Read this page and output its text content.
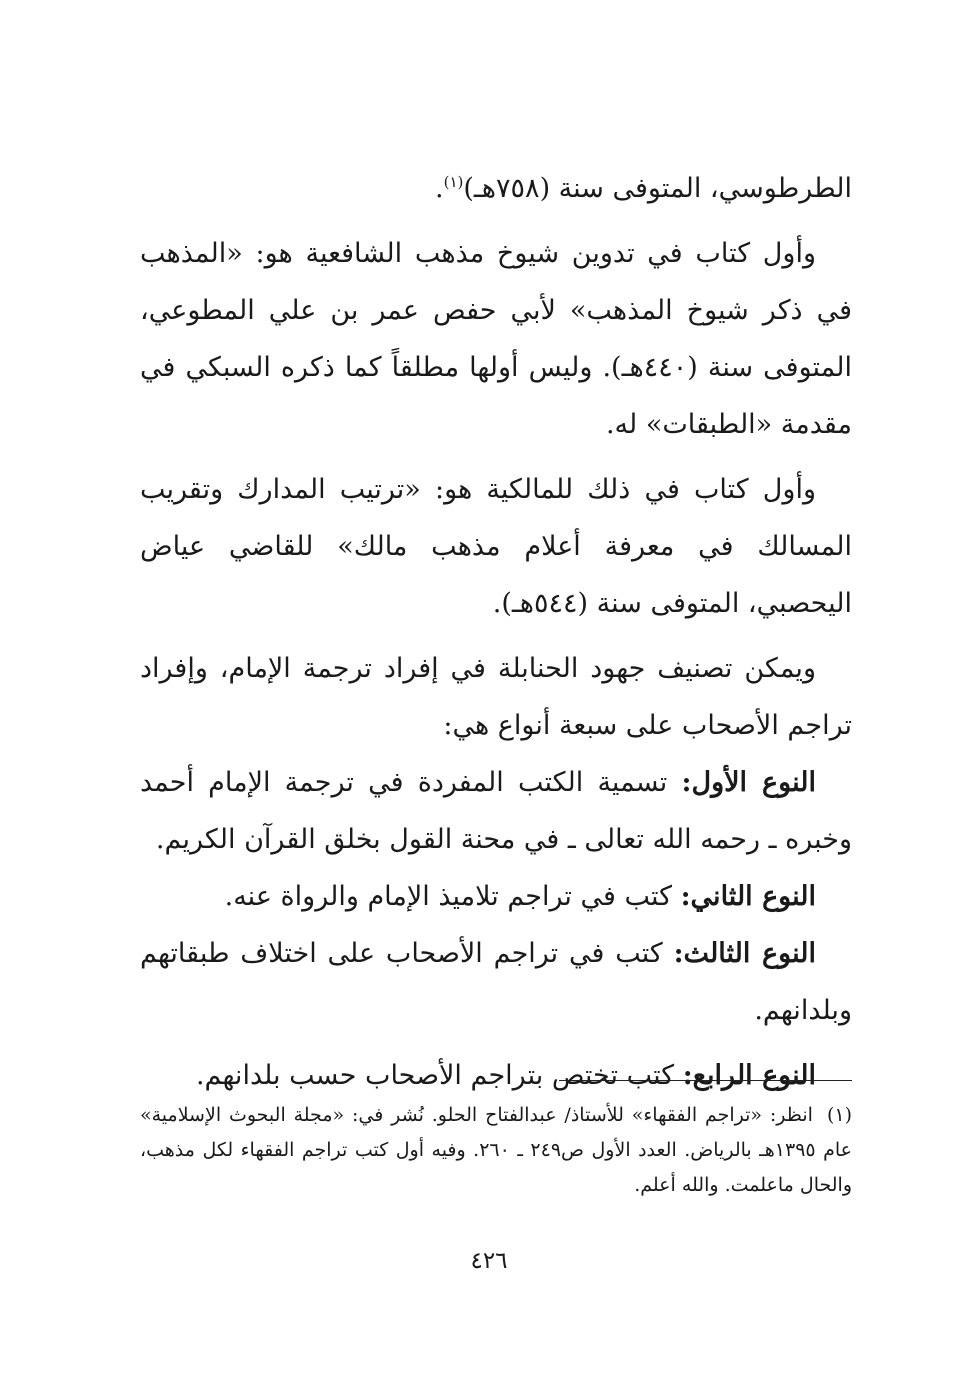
الطرطوسي، المتوفى سنة (٧٥٨هـ)$^{(١)}$.

وأول كتاب في تدوين شيوخ مذهب الشافعية هو: «المذهب في ذكر شيوخ المذهب» لأبي حفص عمر بن علي المطوعي، المتوفى سنة (٤٤٠هـ). وليس أولها مطلقاً كما ذكره السبكي في مقدمة «الطبقات» له.

وأول كتاب في ذلك للمالكية هو: «ترتيب المدارك وتقريب المسالك في معرفة أعلام مذهب مالك» للقاضي عياض اليحصبي، المتوفى سنة (٥٤٤هـ).

ويمكن تصنيف جهود الحنابلة في إفراد ترجمة الإمام، وإفراد تراجم الأصحاب على سبعة أنواع هي:

النوع الأول: تسمية الكتب المفردة في ترجمة الإمام أحمد وخبره ـ رحمه الله تعالى ـ في محنة القول بخلق القرآن الكريم.

النوع الثاني: كتب في تراجم تلاميذ الإمام والرواة عنه.

النوع الثالث: كتب في تراجم الأصحاب على اختلاف طبقاتهم وبلدانهم.

النوع الرابع: كتب تختص بتراجم الأصحاب حسب بلدانهم.

(١)انظر: «تراجم الفقهاء» للأستاذ/ عبدالفتاح الحلو. نُشر في: «مجلة البحوث الإسلامية» عام ١٣٩٥هـ بالرياض. العدد الأول ص٢٤٩ ـ ٢٦٠. وفيه أول كتب تراجم الفقهاء لكل مذهب، والحال ماعلمت. والله أعلم.

٤٢٦
